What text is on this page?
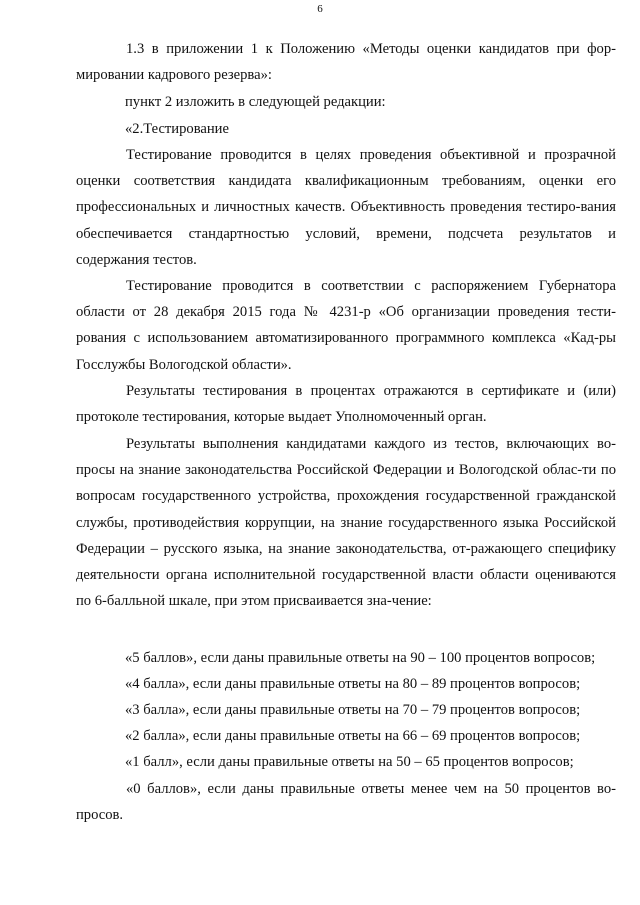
6

1.3 в приложении 1 к Положению «Методы оценки кандидатов при фор-мировании кадрового резерва»:

пункт 2 изложить в следующей редакции:

«2.Тестирование

Тестирование проводится в целях проведения объективной и прозрачной оценки соответствия кандидата квалификационным требованиям, оценки его профессиональных и личностных качеств. Объективность проведения тестиро-вания обеспечивается стандартностью условий, времени, подсчета результатов и содержания тестов.

Тестирование проводится в соответствии с распоряжением Губернатора области от 28 декабря 2015 года № 4231-р «Об организации проведения тести-рования с использованием автоматизированного программного комплекса «Кад-ры Госслужбы Вологодской области».

Результаты тестирования в процентах отражаются в сертификате и (или) протоколе тестирования, которые выдает Уполномоченный орган.

Результаты выполнения кандидатами каждого из тестов, включающих во-просы на знание законодательства Российской Федерации и Вологодской облас-ти по вопросам государственного устройства, прохождения государственной гражданской службы, противодействия коррупции, на знание государственного языка Российской Федерации – русского языка, на знание законодательства, от-ражающего специфику деятельности органа исполнительной государственной власти области оцениваются по 6-балльной шкале, при этом присваивается зна-чение:

«5 баллов», если даны правильные ответы на 90 – 100 процентов вопросов;

«4 балла», если даны правильные ответы на 80 – 89 процентов вопросов;

«3 балла», если даны правильные ответы на 70 – 79 процентов вопросов;

«2 балла», если даны правильные ответы на 66 – 69 процентов вопросов;

«1 балл», если даны правильные ответы на 50 – 65 процентов вопросов;

«0 баллов», если даны правильные ответы менее чем на 50 процентов во-просов.
